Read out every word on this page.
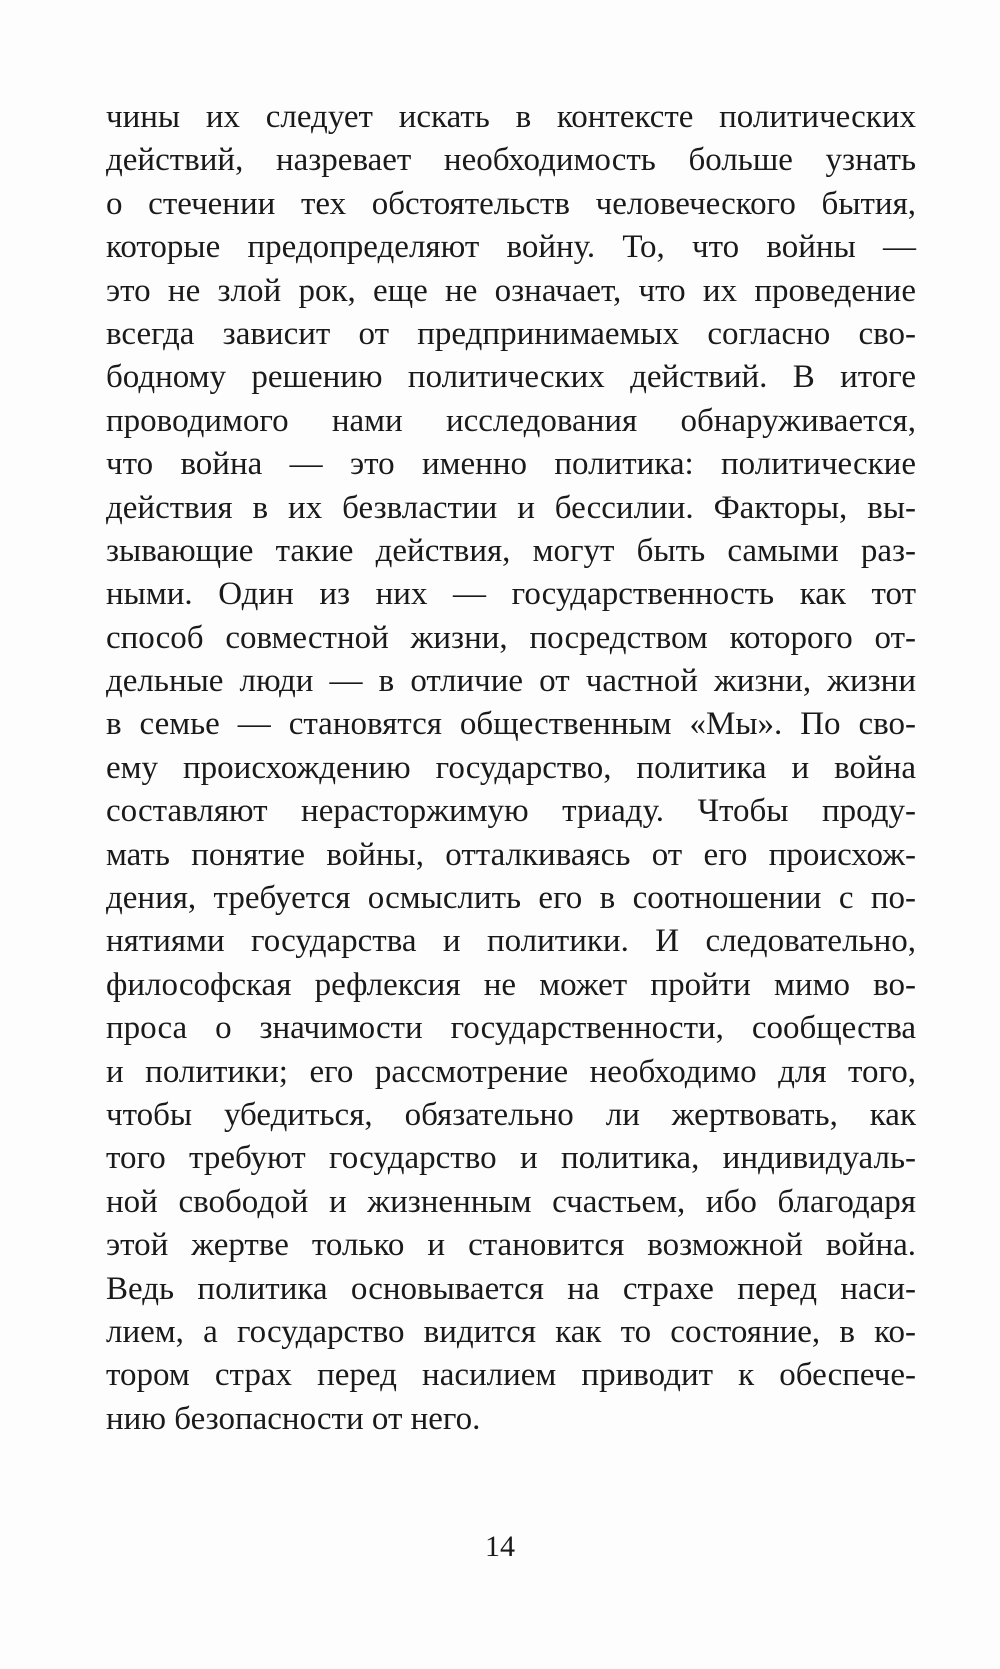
чины их следует искать в контексте политических
действий, назревает необходимость больше узнать
о стечении тех обстоятельств человеческого бытия,
которые предопределяют войну. То, что войны —
это не злой рок, еще не означает, что их проведение
всегда зависит от предпринимаемых согласно сво-
бодному решению политических действий. В итоге
проводимого нами исследования обнаруживается,
что война — это именно политика: политические
действия в их безвластии и бессилии. Факторы, вы-
зывающие такие действия, могут быть самыми раз-
ными. Один из них — государственность как тот
способ совместной жизни, посредством которого от-
дельные люди — в отличие от частной жизни, жизни
в семье — становятся общественным «Мы». По сво-
ему происхождению государство, политика и война
составляют нерасторжимую триаду. Чтобы проду-
мать понятие войны, отталкиваясь от его происхож-
дения, требуется осмыслить его в соотношении с по-
нятиями государства и политики. И следовательно,
философская рефлексия не может пройти мимо во-
проса о значимости государственности, сообщества
и политики; его рассмотрение необходимо для того,
чтобы убедиться, обязательно ли жертвовать, как
того требуют государство и политика, индивидуаль-
ной свободой и жизненным счастьем, ибо благодаря
этой жертве только и становится возможной война.
Ведь политика основывается на страхе перед наси-
лием, а государство видится как то состояние, в ко-
тором страх перед насилием приводит к обеспече-
нию безопасности от него.
14
